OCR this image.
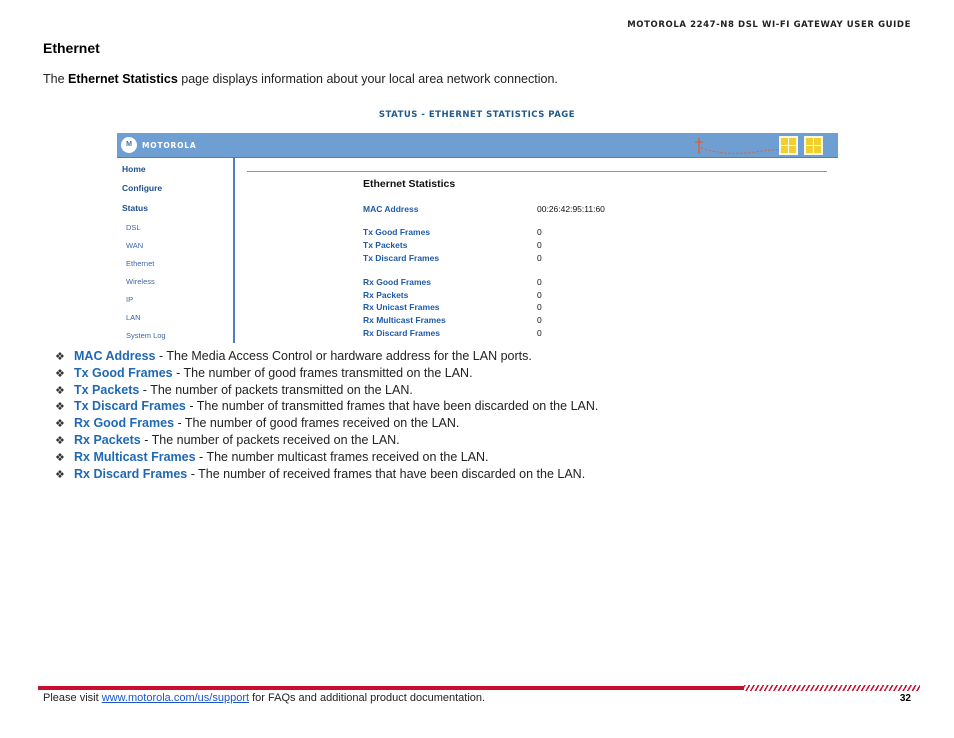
MOTOROLA 2247-N8 DSL WI-FI GATEWAY USER GUIDE
Ethernet
The Ethernet Statistics page displays information about your local area network connection.
STATUS - ETHERNET STATISTICS PAGE
M	MOTOROLA
Home
Configure
Status
DSL
WAN
Ethernet
Wireless
IP
LAN
System Log
Ethernet Statistics
MAC Address	00:26:42:95:11:60
Tx Good Frames	0
Tx Packets	0
Tx Discard Frames	0
Rx Good Frames	0
Rx Packets	0
Rx Unicast Frames	0
Rx Multicast Frames	0
Rx Discard Frames	0
❖ MAC Address - The Media Access Control or hardware address for the LAN ports.
❖ Tx Good Frames - The number of good frames transmitted on the LAN.
❖ Tx Packets - The number of packets transmitted on the LAN.
❖ Tx Discard Frames - The number of transmitted frames that have been discarded on the LAN.
❖ Rx Good Frames - The number of good frames received on the LAN.
❖ Rx Packets - The number of packets received on the LAN.
❖ Rx Multicast Frames - The number multicast frames received on the LAN.
❖ Rx Discard Frames - The number of received frames that have been discarded on the LAN.
Please visit www.motorola.com/us/support for FAQs and additional product documentation.	32
